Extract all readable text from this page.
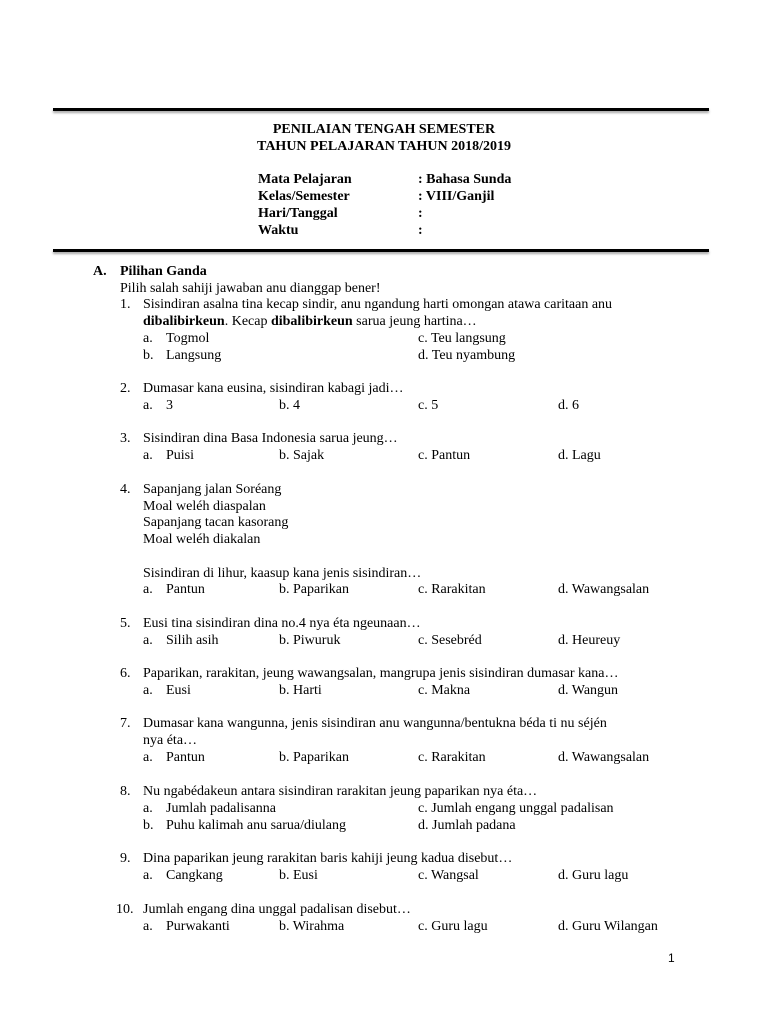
PENILAIAN TENGAH SEMESTER
TAHUN PELAJARAN TAHUN 2018/2019
Mata Pelajaran	: Bahasa Sunda
Kelas/Semester	: VIII/Ganjil
Hari/Tanggal	:
Waktu	:
A. Pilihan Ganda
Pilih salah sahiji jawaban anu dianggap bener!
1. Sisindiran asalna tina kecap sindir, anu ngandung harti omongan atawa caritaan anu
dibalibirkeun. Kecap dibalibirkeun sarua jeung hartina…
a. Togmol	c. Teu langsung
b. Langsung	d. Teu nyambung
2. Dumasar kana eusina, sisindiran kabagi jadi…
a. 3	b. 4	c. 5	d. 6
3. Sisindiran dina Basa Indonesia sarua jeung…
a. Puisi	b. Sajak	c. Pantun	d. Lagu
4. Sapanjang jalan Soréang
Moal weléh diaspalan
Sapanjang tacan kasorang
Moal weléh diakalan
Sisindiran di lihur, kaasup kana jenis sisindiran…
a. Pantun	b. Paparikan	c. Rarakitan	d. Wawangsalan
5. Eusi tina sisindiran dina no.4 nya éta ngeunaan…
a. Silih asih	b. Piwuruk	c. Sesebréd	d. Heureuy
6. Paparikan, rarakitan, jeung wawangsalan, mangrupa jenis sisindiran dumasar kana…
a. Eusi	b. Harti	c. Makna	d. Wangun
7. Dumasar kana wangunna, jenis sisindiran anu wangunna/bentukna béda ti nu séjén
nya éta…
a. Pantun	b. Paparikan	c. Rarakitan	d. Wawangsalan
8. Nu ngabédakeun antara sisindiran rarakitan jeung paparikan nya éta…
a. Jumlah padalisanna	c. Jumlah engang unggal padalisan
b. Puhu kalimah anu sarua/diulang	d. Jumlah padana
9. Dina paparikan jeung rarakitan baris kahiji jeung kadua disebut…
a. Cangkang	b. Eusi	c. Wangsal	d. Guru lagu
10. Jumlah engang dina unggal padalisan disebut…
a. Purwakanti	b. Wirahma	c. Guru lagu	d. Guru Wilangan
1
